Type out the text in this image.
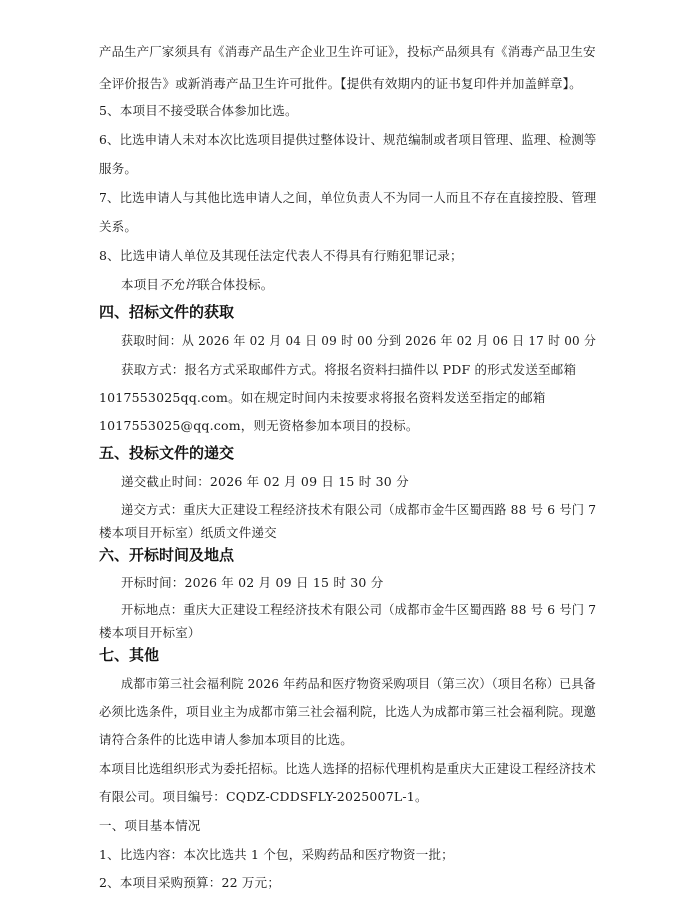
产品生产厂家须具有《消毒产品生产企业卫生许可证》，投标产品须具有《消毒产品卫生安
全评价报告》或新消毒产品卫生许可批件。【提供有效期内的证书复印件并加盖鲜章】。
5、本项目不接受联合体参加比选。
6、比选申请人未对本次比选项目提供过整体设计、规范编制或者项目管理、监理、检测等
服务。
7、比选申请人与其他比选申请人之间，单位负责人不为同一人而且不存在直接控股、管理
关系。
8、比选申请人单位及其现任法定代表人不得具有行贿犯罪记录；
本项目不允许联合体投标。
四、招标文件的获取
获取时间：从 2026 年 02 月 04 日 09 时 00 分到 2026 年 02 月 06 日 17 时 00 分
获取方式：报名方式采取邮件方式。将报名资料扫描件以 PDF 的形式发送至邮箱
1017553025qq.com。如在规定时间内未按要求将报名资料发送至指定的邮箱
1017553025@qq.com，则无资格参加本项目的投标。
五、投标文件的递交
递交截止时间：2026 年 02 月 09 日 15 时 30 分
递交方式：重庆大正建设工程经济技术有限公司（成都市金牛区蜀西路 88 号 6 号门 7
楼本项目开标室）纸质文件递交
六、开标时间及地点
开标时间：2026 年 02 月 09 日 15 时 30 分
开标地点：重庆大正建设工程经济技术有限公司（成都市金牛区蜀西路 88 号 6 号门 7
楼本项目开标室）
七、其他
成都市第三社会福利院 2026 年药品和医疗物资采购项目（第三次）（项目名称）已具备
必须比选条件，项目业主为成都市第三社会福利院，比选人为成都市第三社会福利院。现邀
请符合条件的比选申请人参加本项目的比选。
本项目比选组织形式为委托招标。比选人选择的招标代理机构是重庆大正建设工程经济技术
有限公司。项目编号：CQDZ-CDDSFLY-2025007L-1。
一、项目基本情况
1、比选内容：本次比选共 1 个包，采购药品和医疗物资一批；
2、本项目采购预算：22 万元；
